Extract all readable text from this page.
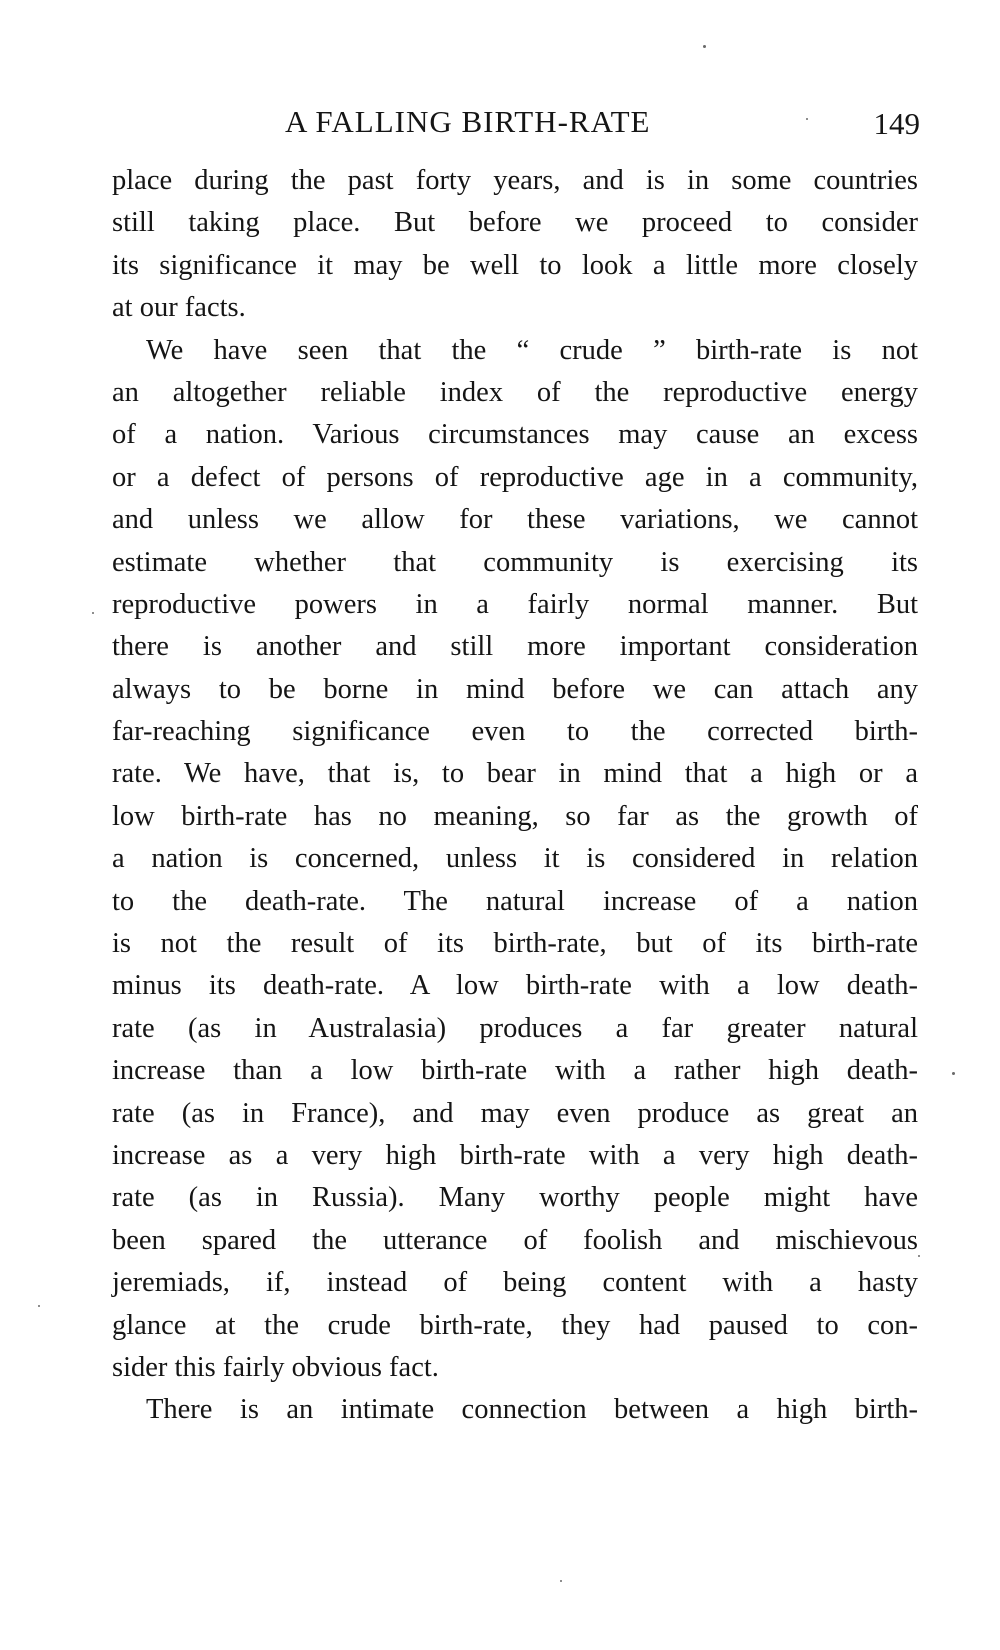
A FALLING BIRTH-RATE	149
place during the past forty years, and is in some countries
still taking place. But before we proceed to consider
its significance it may be well to look a little more closely
at our facts.
We have seen that the “ crude ” birth-rate is not
an altogether reliable index of the reproductive energy
of a nation. Various circumstances may cause an excess
or a defect of persons of reproductive age in a community,
and unless we allow for these variations, we cannot
estimate whether that community is exercising its
reproductive powers in a fairly normal manner. But
there is another and still more important consideration
always to be borne in mind before we can attach any
far-reaching significance even to the corrected birth-
rate. We have, that is, to bear in mind that a high or a
low birth-rate has no meaning, so far as the growth of
a nation is concerned, unless it is considered in relation
to the death-rate. The natural increase of a nation
is not the result of its birth-rate, but of its birth-rate
minus its death-rate. A low birth-rate with a low death-
rate (as in Australasia) produces a far greater natural
increase than a low birth-rate with a rather high death-
rate (as in France), and may even produce as great an
increase as a very high birth-rate with a very high death-
rate (as in Russia). Many worthy people might have
been spared the utterance of foolish and mischievous
jeremiads, if, instead of being content with a hasty
glance at the crude birth-rate, they had paused to con-
sider this fairly obvious fact.
There is an intimate connection between a high birth-
